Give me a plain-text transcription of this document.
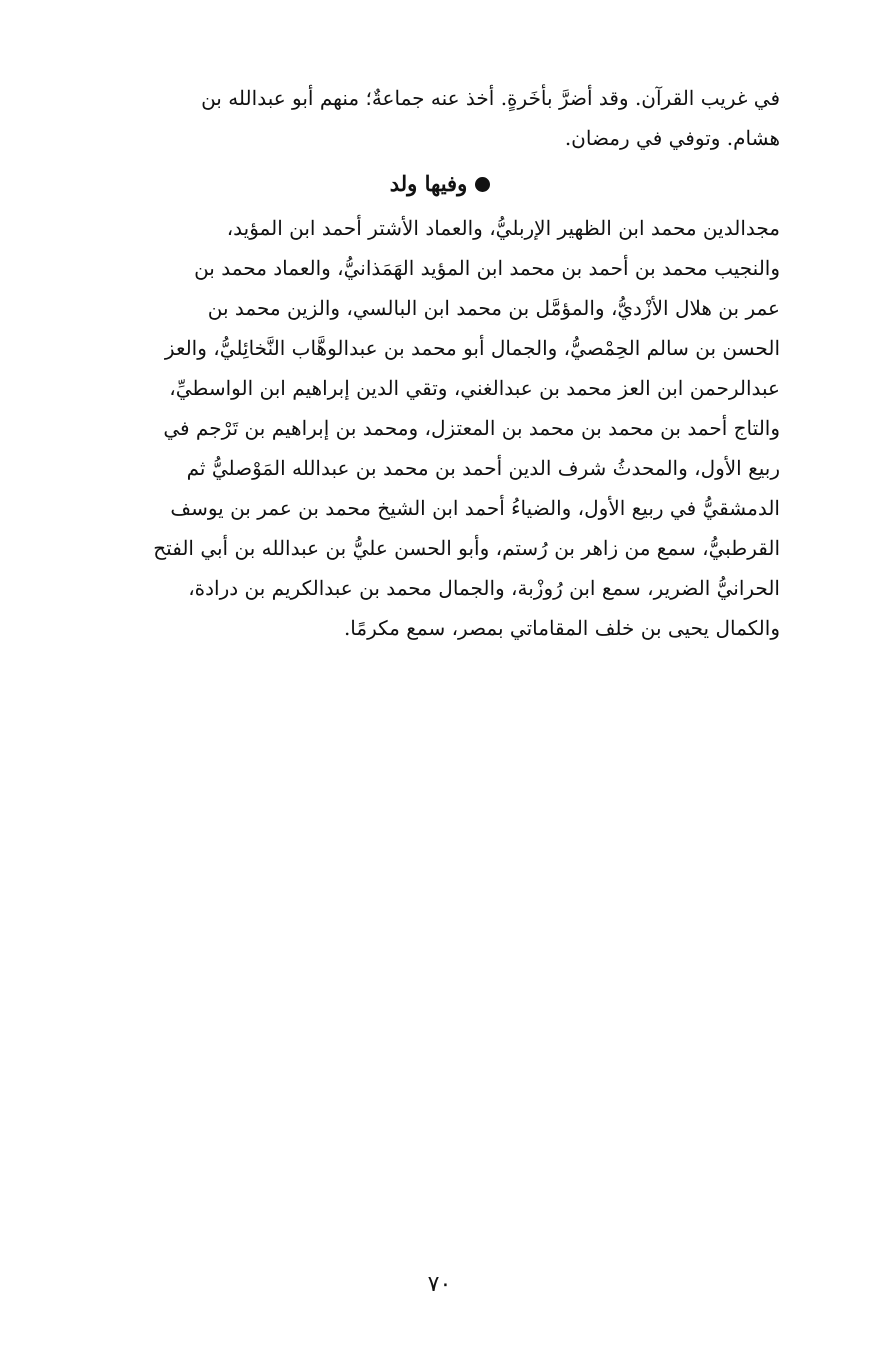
في غريب القرآن. وقد أضرَّ بأخَرةٍ. أخذ عنه جماعةٌ؛ منهم أبو عبدالله بن
هشام. وتوفي في رمضان.
وفيها ولد
مجدالدين محمد ابن الظهير الإربليُّ، والعماد الأشتر أحمد ابن المؤيد،
والنجيب محمد بن أحمد بن محمد ابن المؤيد الهَمَذانيُّ، والعماد محمد بن
عمر بن هلال الأزْديُّ، والمؤمَّل بن محمد ابن البالسي، والزين محمد بن
الحسن بن سالم الحِمْصيُّ، والجمال أبو محمد بن عبدالوهَّاب النَّخائِليُّ، والعز
عبدالرحمن ابن العز محمد بن عبدالغني، وتقي الدين إبراهيم ابن الواسطيِّ،
والتاج أحمد بن محمد بن محمد بن المعتزل، ومحمد بن إبراهيم بن تَرْجم في
ربيع الأول، والمحدثُ شرف الدين أحمد بن محمد بن عبدالله المَوْصليُّ ثم
الدمشقيُّ في ربيع الأول، والضياءُ أحمد ابن الشيخ محمد بن عمر بن يوسف
القرطبيُّ، سمع من زاهر بن رُستم، وأبو الحسن عليُّ بن عبدالله بن أبي الفتح
الحرانيُّ الضرير، سمع ابن رُوزْبة، والجمال محمد بن عبدالكريم بن درادة،
والكمال يحيى بن خلف المقاماتي بمصر، سمع مكرمًا.
٧٠
